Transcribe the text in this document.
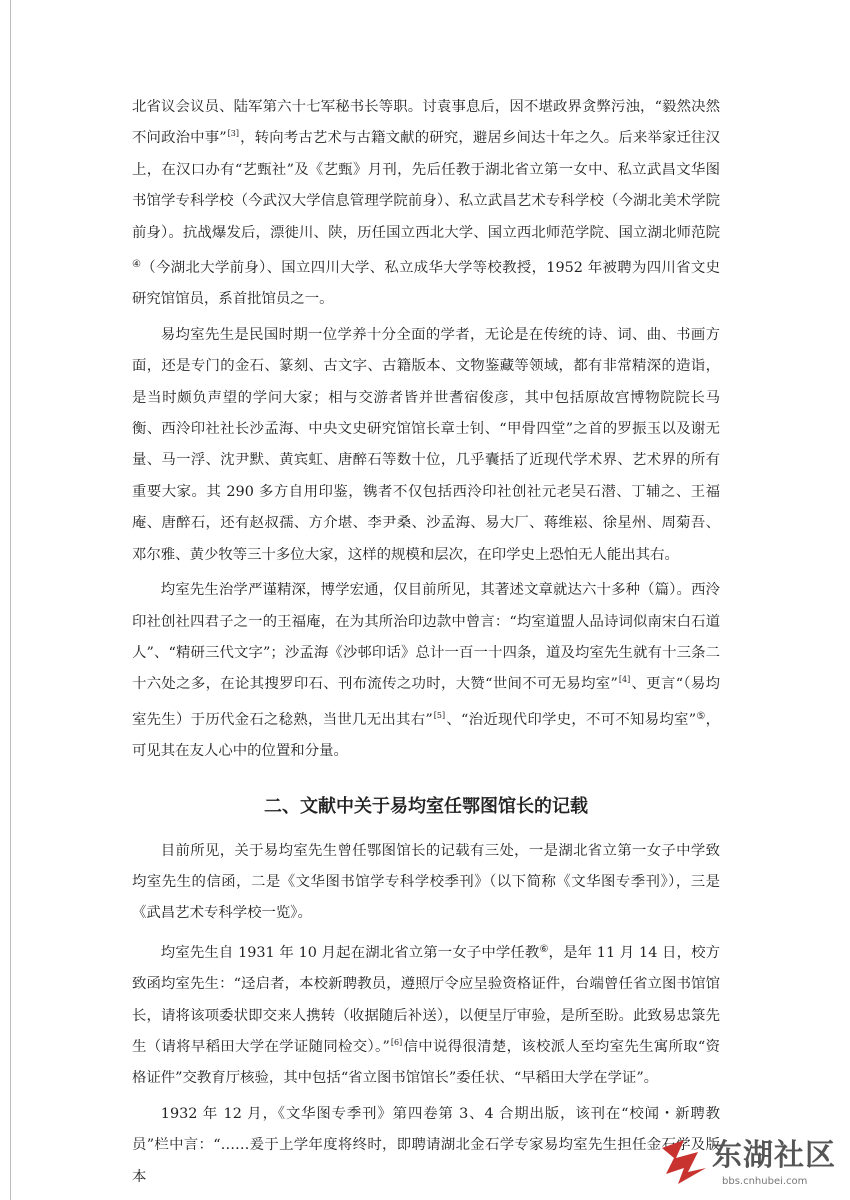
北省议会议员、陆军第六十七军秘书长等职。讨袁事息后，因不堪政界贪弊污浊，“毅然决然不问政治中事”[3]，转向考古艺术与古籍文献的研究，避居乡间达十年之久。后来举家迁往汉上，在汉口办有“艺甄社”及《艺甄》月刊，先后任教于湖北省立第一女中、私立武昌文华图书馆学专科学校（今武汉大学信息管理学院前身）、私立武昌艺术专科学校（今湖北美术学院前身）。抗战爆发后，漂徙川、陕，历任国立西北大学、国立西北师范学院、国立湖北师范院④（今湖北大学前身）、国立四川大学、私立成华大学等校教授，1952 年被聘为四川省文史研究馆馆员，系首批馆员之一。

易均室先生是民国时期一位学养十分全面的学者，无论是在传统的诗、词、曲、书画方面，还是专门的金石、篆刻、古文字、古籍版本、文物鉴藏等领域，都有非常精深的造诣，是当时颇负声望的学问大家；相与交游者皆并世耆宿俊彦，其中包括原故宫博物院院长马衡、西泠印社社长沙孟海、中央文史研究馆馆长章士钊、“甲骨四堂”之首的罗振玉以及谢无量、马一浮、沈尹默、黄宾虹、唐醉石等数十位，几乎囊括了近现代学术界、艺术界的所有重要大家。其 290 多方自用印鉴，镌者不仅包括西泠印社创社元老吴石潜、丁辅之、王福庵、唐醉石，还有赵叔孺、方介堪、李尹桑、沙孟海、易大厂、蒋维崧、徐星州、周菊吾、邓尔雅、黄少牧等三十多位大家，这样的规模和层次，在印学史上恐怕无人能出其右。

均室先生治学严谨精深，博学宏通，仅目前所见，其著述文章就达六十多种（篇）。西泠印社创社四君子之一的王福庵，在为其所治印边款中曾言：“均室道盟人品诗词似南宋白石道人”、“精研三代文字”；沙孟海《沙邨印话》总计一百一十四条，道及均室先生就有十三条二十六处之多，在论其搜罗印石、刊布流传之功时，大赞“世间不可无易均室”[4]、更言“（易均室先生）于历代金石之稔熟，当世几无出其右”[5]、“治近现代印学史，不可不知易均室”⑤，可见其在友人心中的位置和分量。

二、文献中关于易均室任鄂图馆长的记载

目前所见，关于易均室先生曾任鄂图馆长的记载有三处，一是湖北省立第一女子中学致均室先生的信函，二是《文华图书馆学专科学校季刊》（以下简称《文华图专季刊》），三是《武昌艺术专科学校一览》。

均室先生自 1931 年 10 月起在湖北省立第一女子中学任教⑥，是年 11 月 14 日，校方致函均室先生：“迳启者，本校新聘教员，遵照厅令应呈验资格证件，台端曾任省立图书馆馆长，请将该项委状即交来人携转（收据随后补送），以便呈厅审验，是所至盼。此致易忠箓先生（请将早稻田大学在学证随同检交）。”[6]信中说得很清楚，该校派人至均室先生寓所取“资格证件”交教育厅核验，其中包括“省立图书馆馆长”委任状、“早稻田大学在学证”。

1932 年 12 月，《文华图专季刊》第四卷第 3、4 合期出版，该刊在“校闻・新聘教员”栏中言：“……爰于上学年度将终时，即聘请湖北金石学专家易均室先生担任金石学及版本

东湖社区
bbs.cnhubei.com
